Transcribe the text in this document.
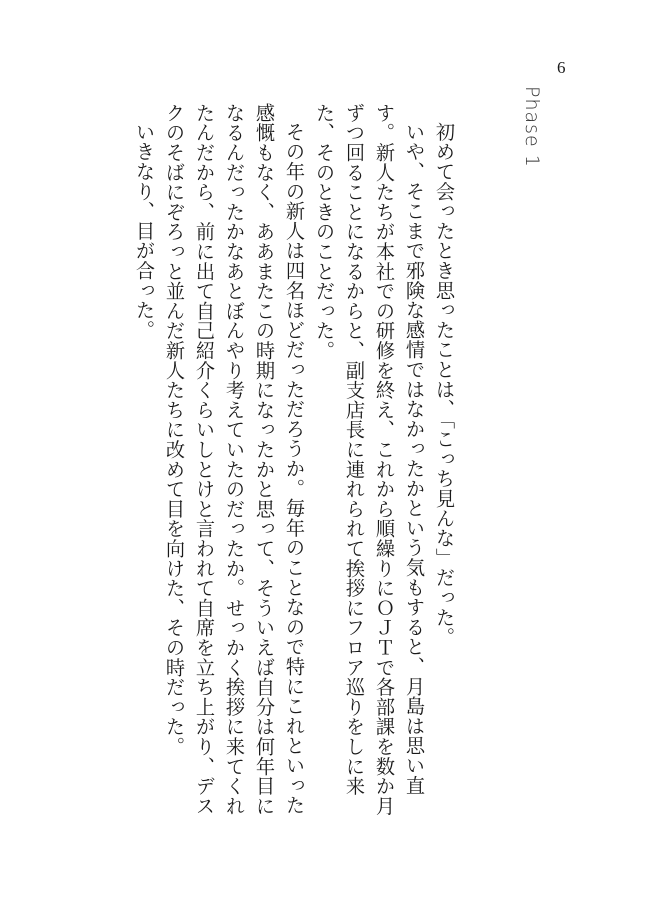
6
Phase 1

初めて会ったとき思ったことは、「こっち見んな」だった。

いや、そこまで邪険な感情ではなかったかという気もすると、月島は思い直す。新人たちが本社での研修を終え、これから順繰りにＯＪＴで各部課を数か月ずつ回ることになるからと、副支店長に連れられて挨拶にフロア巡りをしに来た、そのときのことだった。

その年の新人は四名ほどだっただろうか。毎年のことなので特にこれといった感慨もなく、ああまたこの時期になったかと思って、そういえば自分は何年目になるんだったかなあとぼんやり考えていたのだったか。せっかく挨拶に来てくれたんだから、前に出て自己紹介くらいしとけと言われて自席を立ち上がり、デスクのそばにぞろっと並んだ新人たちに改めて目を向けた、その時だった。

いきなり、目が合った。
